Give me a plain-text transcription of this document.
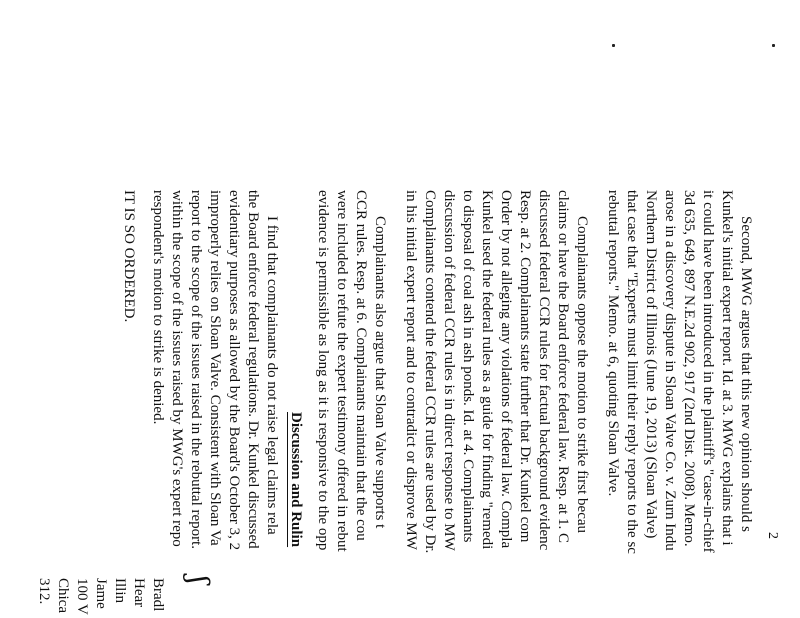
2
Second, MWG argues that this new opinion should s
Kunkel's initial expert report. Id. at 3. MWG explains that i
it could have been introduced in the plaintiff's "case-in-chief
3d 635, 649, 897 N.E.2d 902, 917 (2nd Dist. 2008). Memo.
arose in a discovery dispute in Sloan Valve Co. v. Zurn Indu
Northern District of Illinois (June 19, 2013) (Sloan Valve)
that case that "Experts must limit their reply reports to the sc
rebuttal reports." Memo. at 6, quoting Sloan Valve.
Complainants oppose the motion to strike first becau
claims or have the Board enforce federal law. Resp. at 1. C
discussed federal CCR rules for factual background evidenc
Resp. at 2. Complainants state further that Dr. Kunkel com
Order by not alleging any violations of federal law. Compla
Kunkel used the federal rules as a guide for finding "remedi
to disposal of coal ash in ash ponds. Id. at 4. Complainants
discussion of federal CCR rules is in direct response to MW
Complainants contend the federal CCR rules are used by Dr.
in his initial expert report and to contradict or disprove MW
Complainants also argue that Sloan Valve supports t
CCR rules. Resp. at 6. Complainants maintain that the cou
were included to refute the expert testimony offered in rebut
evidence is permissible as long as it is responsive to the opp
Discussion and Rulin
I find that complainants do not raise legal claims rela
the Board enforce federal regulations. Dr. Kunkel discussed
evidentiary purposes as allowed by the Board's October 3, 2
improperly relies on Sloan Valve. Consistent with Sloan Va
report to the scope of the issues raised in the rebuttal report.
within the scope of the issues raised by MWG's expert repo
respondent's motion to strike is denied.
IT IS SO ORDERED.
ʃ
Bradl
Hear
Illin
Jame
100 V
Chica
312.
